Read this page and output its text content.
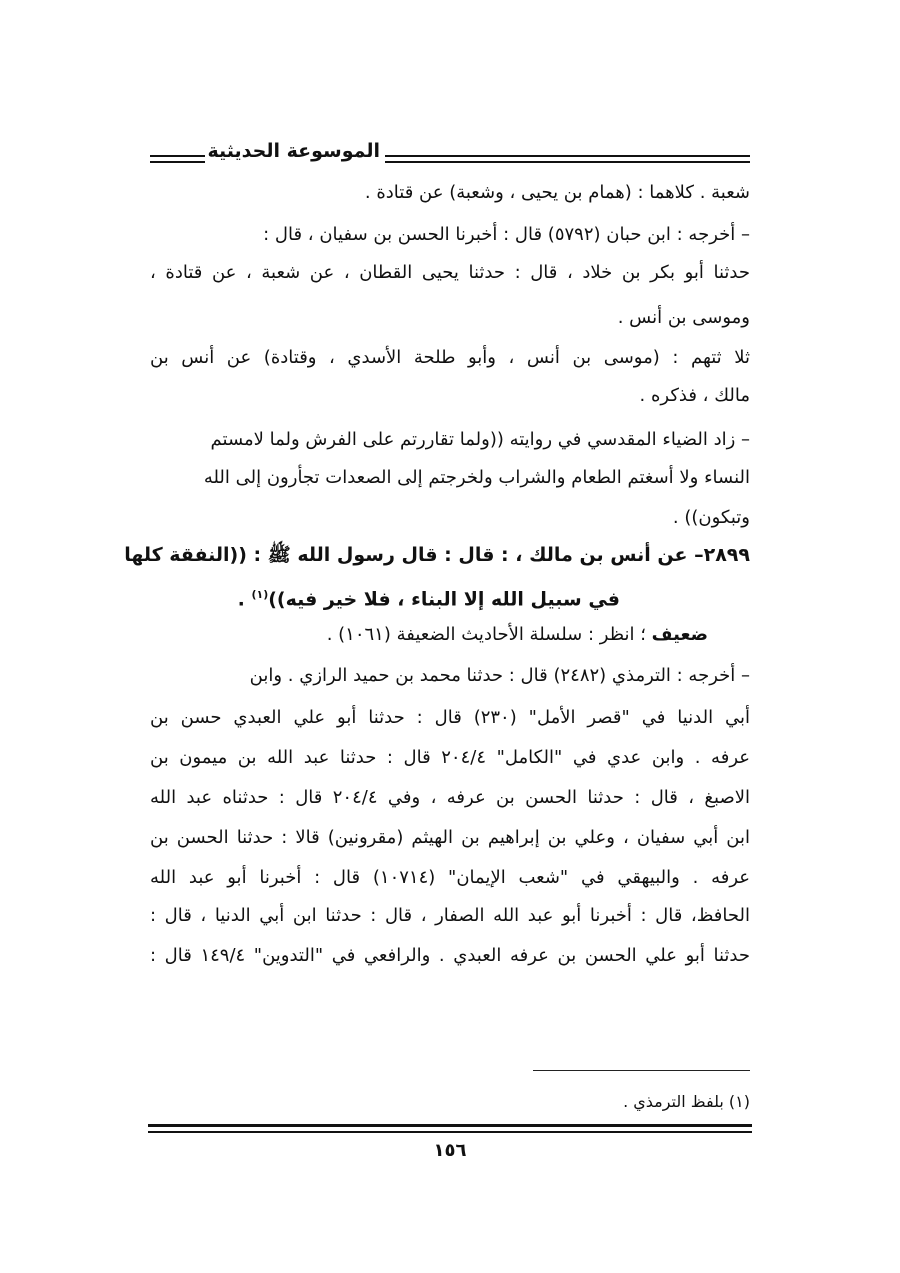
الموسوعة الحديثية
شعبة . كلاهما : (همام بن يحيى ، وشعبة) عن قتادة .
– أخرجه : ابن حبان (٥٧٩٢) قال : أخبرنا الحسن بن سفيان ، قال :
حدثنا أبو بكر بن خلاد ، قال : حدثنا يحيى القطان ، عن شعبة ، عن قتادة ،
وموسى بن أنس .
ثلا ثتهم : (موسى بن أنس ، وأبو طلحة الأسدي ، وقتادة) عن أنس بن
مالك ، فذكره .
– زاد الضياء المقدسي في روايته ((ولما تقاررتم على الفرش ولما لامستم
النساء ولا أسغتم الطعام والشراب ولخرجتم إلى الصعدات تجأرون إلى الله
وتبكون)) .
٢٨٩٩– عن أنس بن مالك ، : قال : قال رسول الله ﷺ : ((النفقة كلها
في سبيل الله إلا البناء ، فلا خير فيه))$^{(١)}$ .
ضعيف ؛ انظر : سلسلة الأحاديث الضعيفة (١٠٦١) .
– أخرجه : الترمذي (٢٤٨٢) قال : حدثنا محمد بن حميد الرازي . وابن
أبي الدنيا في "قصر الأمل" (٢٣٠) قال : حدثنا أبو علي العبدي حسن بن
عرفه . وابن عدي في "الكامل" ٢٠٤/٤ قال : حدثنا عبد الله بن ميمون بن
الاصبغ ، قال : حدثنا الحسن بن عرفه ، وفي ٢٠٤/٤ قال : حدثناه عبد الله
ابن أبي سفيان ، وعلي بن إبراهيم بن الهيثم (مقرونين) قالا : حدثنا الحسن بن
عرفه . والبيهقي في "شعب الإيمان" (١٠٧١٤) قال : أخبرنا أبو عبد الله
الحافظ، قال : أخبرنا أبو عبد الله الصفار ، قال : حدثنا ابن أبي الدنيا ، قال :
حدثنا أبو علي الحسن بن عرفه العبدي . والرافعي في "التدوين" ١٤٩/٤ قال :
(١) بلفظ الترمذي .
١٥٦
